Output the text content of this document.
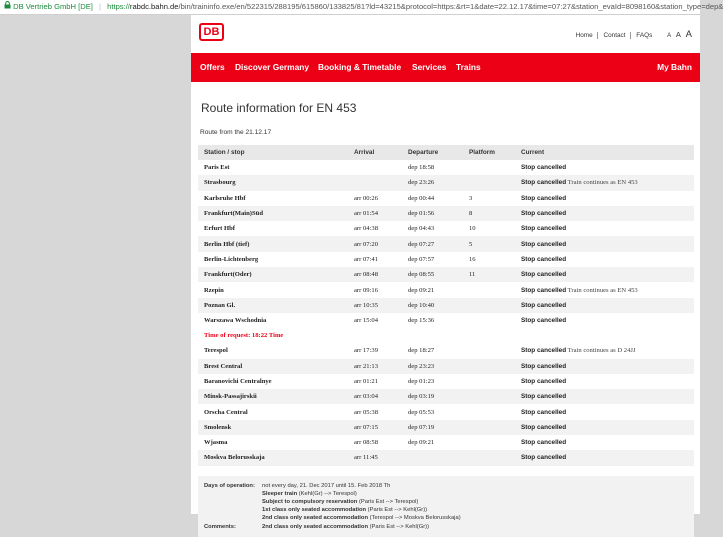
DB Vertrieb GmbH [DE] | https://rabdc.bahn.de/bin/traininfo.exe/en/522315/288195/615860/133825/81?ld=43215&protocol=https:&rt=1&date=22.12.17&time=07:27&station_evaId=8098160&station_type=dep&
DB	Home Contact FAQs A A A
Offers Discover Germany Booking & Timetable Services Trains	My Bahn
Route information for EN 453
Route from the 21.12.17
Station / stop	Arrival	Departure	Platform	Current
Paris Est		dep 18:58		Stop cancelled
Strasbourg		dep 23:26		Stop cancelled Train continues as EN 453
Karlsruhe Hbf	arr 00:26	dep 00:44	3	Stop cancelled
Frankfurt(Main)Süd	arr 01:54	dep 01:56	8	Stop cancelled
Erfurt Hbf	arr 04:38	dep 04:43	10	Stop cancelled
Berlin Hbf (tief)	arr 07:20	dep 07:27	5	Stop cancelled
Berlin-Lichtenberg	arr 07:41	dep 07:57	16	Stop cancelled
Frankfurt(Oder)	arr 08:48	dep 08:55	11	Stop cancelled
Rzepin	arr 09:16	dep 09:21		Stop cancelled Train continues as EN 453
Poznan Gl.	arr 10:35	dep 10:40		Stop cancelled
Warszawa Wschodnia	arr 15:04	dep 15:36		Stop cancelled
Time of request: 18:22 Time				
Terespol	arr 17:39	dep 18:27		Stop cancelled Train continues as D 24JJ
Brest Central	arr 21:13	dep 23:23		Stop cancelled
Baranovichi Centralnye	arr 01:21	dep 01:23		Stop cancelled
Minsk-Passajirskii	arr 03:04	dep 03:19		Stop cancelled
Orscha Central	arr 05:38	dep 05:53		Stop cancelled
Smolensk	arr 07:15	dep 07:19		Stop cancelled
Wjasma	arr 08:58	dep 09:21		Stop cancelled
Moskva Belorusskaja	arr 11:45			Stop cancelled
Days of operation:	not every day, 21. Dec 2017 until 15. Feb 2018 Th
Sleeper train (Kehl(Gr) --> Terespol)
Subject to compulsory reservation (Paris Est --> Terespol)
1st class only seated accommodation (Paris Est --> Kehl(Gr))
2nd class only seated accommodation (Terespol --> Moskva Belorusskaja)
Comments:	2nd class only seated accommodation (Paris Est --> Kehl(Gr))
